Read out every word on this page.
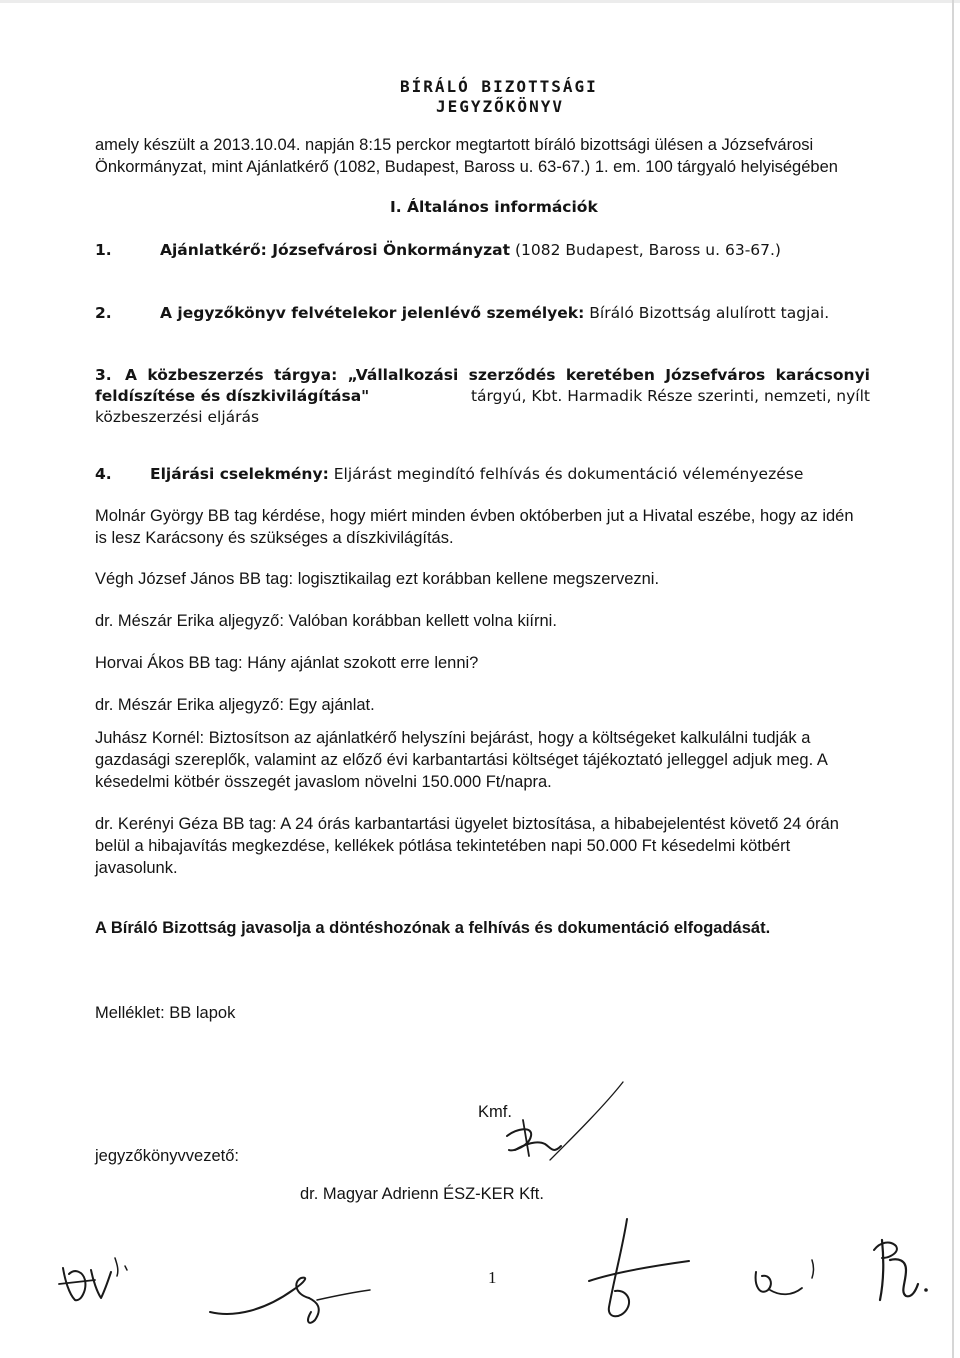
BÍRÁLÓ BIZOTTSÁGI
JEGYZŐKÖNYV
amely készült a 2013.10.04. napján 8:15 perckor megtartott bíráló bizottsági ülésen a Józsefvárosi
Önkormányzat, mint Ajánlatkérő (1082, Budapest, Baross u. 63-67.) 1. em. 100 tárgyaló helyiségében
I. Általános információk
1.	Ajánlatkérő: Józsefvárosi Önkormányzat (1082 Budapest, Baross u. 63-67.)
2.	A jegyzőkönyv felvételekor jelenlévő személyek: Bíráló Bizottság alulírott tagjai.
3. A közbeszerzés tárgya: „Vállalkozási szerződés keretében Józsefváros karácsonyi
feldíszítése és díszkivilágítása"	tárgyú, Kbt. Harmadik Része szerinti, nemzeti, nyílt
közbeszerzési eljárás
4. Eljárási cselekmény: Eljárást megindító felhívás és dokumentáció véleményezése
Molnár György BB tag kérdése, hogy miért minden évben októberben jut a Hivatal eszébe, hogy az idén
is lesz Karácsony és szükséges a díszkivilágítás.
Végh József János BB tag: logisztikailag ezt korábban kellene megszervezni.
dr. Mészár Erika aljegyző: Valóban korábban kellett volna kiírni.
Horvai Ákos BB tag: Hány ajánlat szokott erre lenni?
dr. Mészár Erika aljegyző: Egy ajánlat.
Juhász Kornél: Biztosítson az ajánlatkérő helyszíni bejárást, hogy a költségeket kalkulálni tudják a
gazdasági szereplők, valamint az előző évi karbantartási költséget tájékoztató jelleggel adjuk meg. A
késedelmi kötbér összegét javaslom növelni 150.000 Ft/napra.
dr. Kerényi Géza BB tag: A 24 órás karbantartási ügyelet biztosítása, a hibabejelentést követő 24 órán
belül a hibajavítás megkezdése, kellékek pótlása tekintetében napi 50.000 Ft késedelmi kötbért
javasolunk.
A Bíráló Bizottság javasolja a döntéshozónak a felhívás és dokumentáció elfogadását.
Melléklet: BB lapok
Kmf.
jegyzőkönyvvezető:
dr. Magyar Adrienn ÉSZ-KER Kft.
1
